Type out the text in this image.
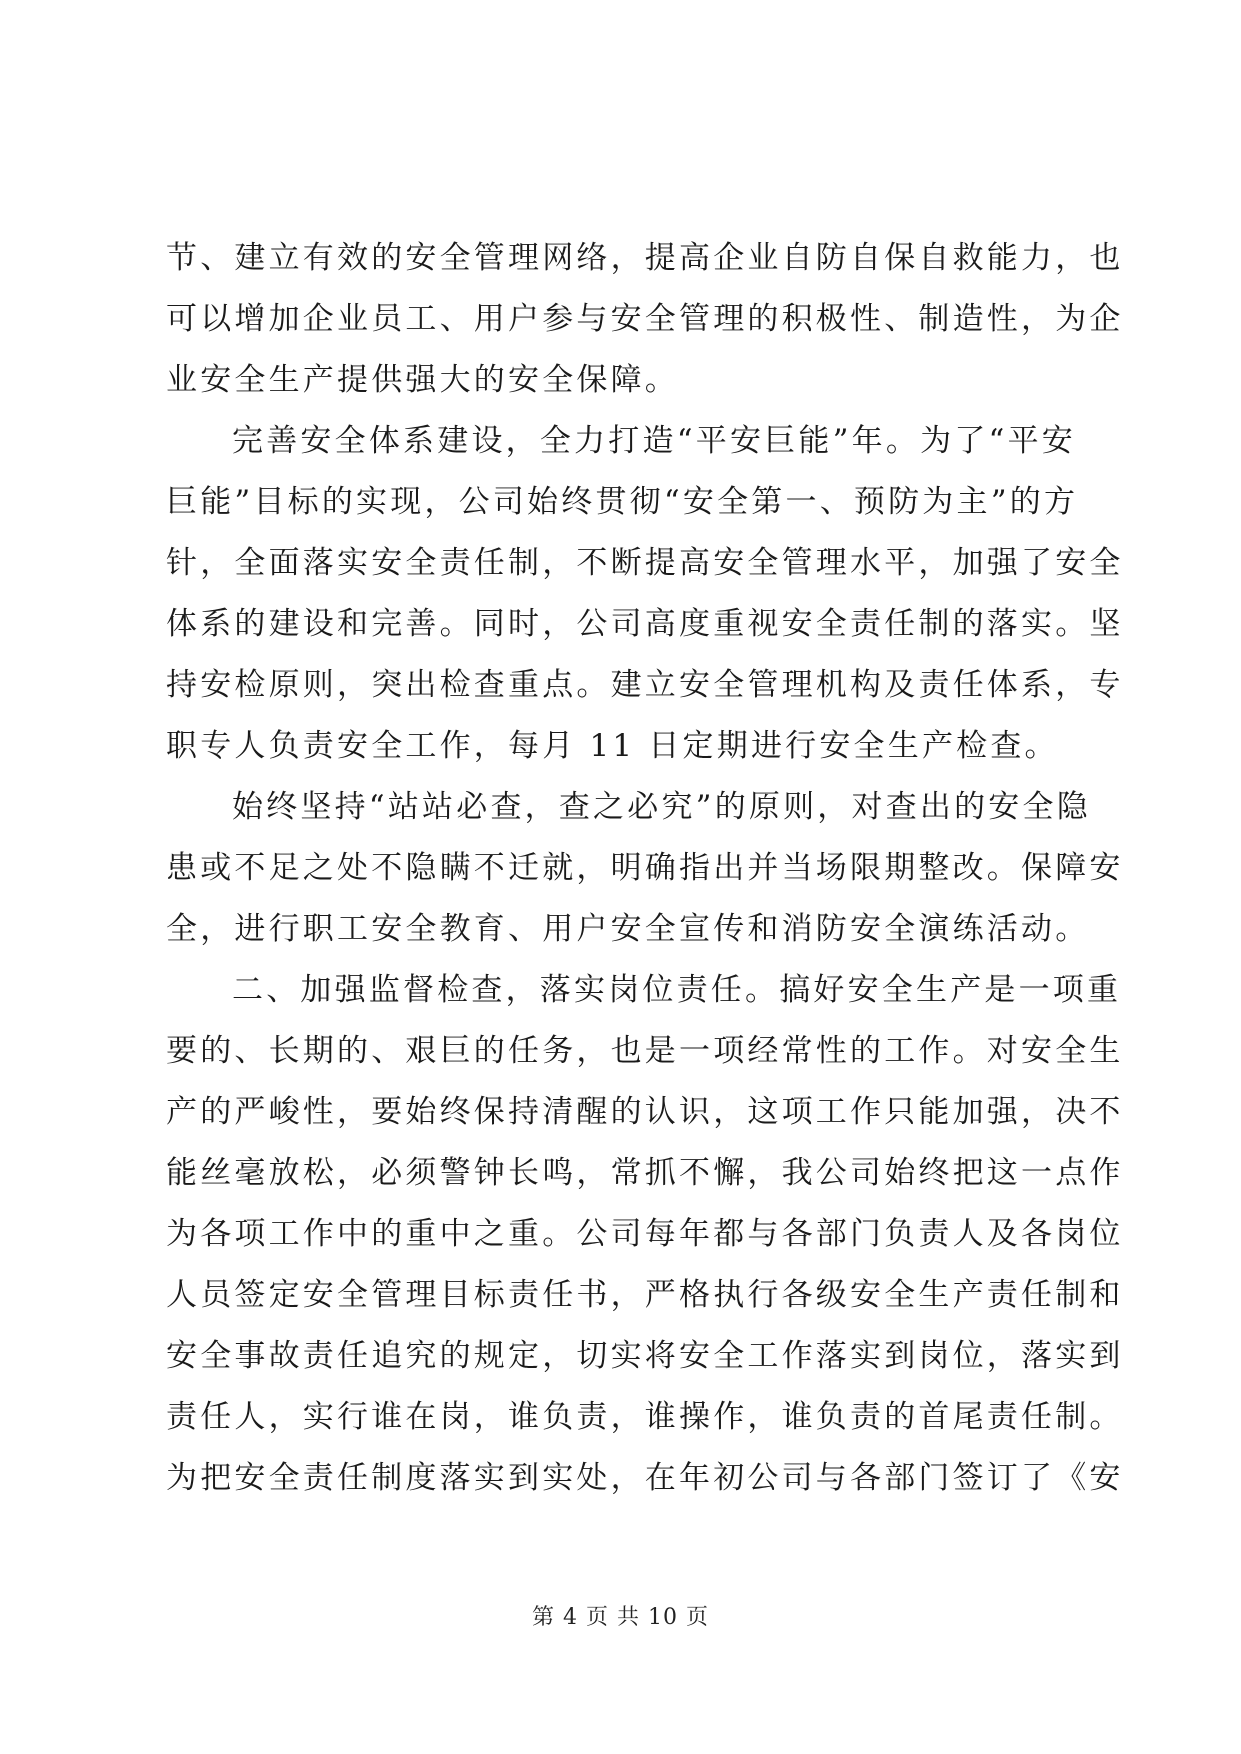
节、建立有效的安全管理网络，提高企业自防自保自救能力，也
可以增加企业员工、用户参与安全管理的积极性、制造性，为企
业安全生产提供强大的安全保障。
完善安全体系建设，全力打造“平安巨能”年。为了“平安
巨能”目标的实现，公司始终贯彻“安全第一、预防为主”的方
针，全面落实安全责任制，不断提高安全管理水平，加强了安全
体系的建设和完善。同时，公司高度重视安全责任制的落实。坚
持安检原则，突出检查重点。建立安全管理机构及责任体系，专
职专人负责安全工作，每月 11 日定期进行安全生产检查。
始终坚持“站站必查，查之必究”的原则，对查出的安全隐
患或不足之处不隐瞒不迁就，明确指出并当场限期整改。保障安
全，进行职工安全教育、用户安全宣传和消防安全演练活动。
二、加强监督检查，落实岗位责任。搞好安全生产是一项重
要的、长期的、艰巨的任务，也是一项经常性的工作。对安全生
产的严峻性，要始终保持清醒的认识，这项工作只能加强，决不
能丝毫放松，必须警钟长鸣，常抓不懈，我公司始终把这一点作
为各项工作中的重中之重。公司每年都与各部门负责人及各岗位
人员签定安全管理目标责任书，严格执行各级安全生产责任制和
安全事故责任追究的规定，切实将安全工作落实到岗位，落实到
责任人，实行谁在岗，谁负责，谁操作，谁负责的首尾责任制。
为把安全责任制度落实到实处，在年初公司与各部门签订了《安
第 4 页 共 10 页
